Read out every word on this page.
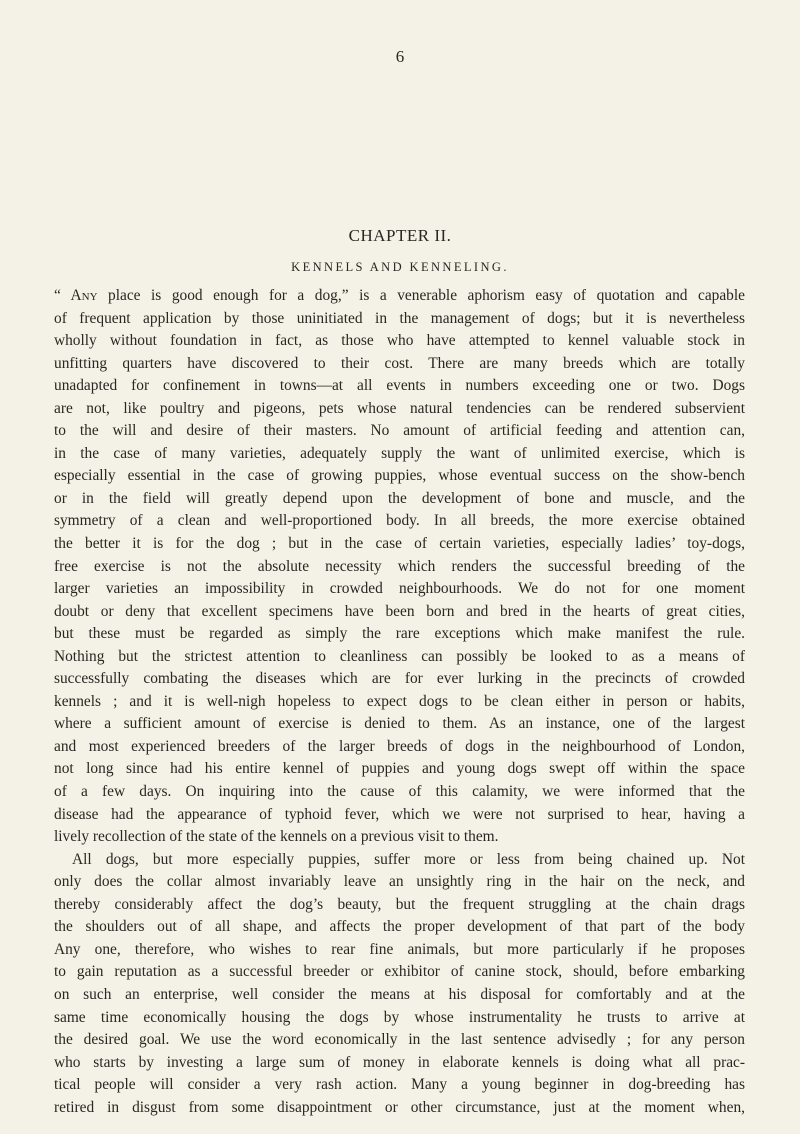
6
CHAPTER II.
KENNELS AND KENNELING.
“ Any place is good enough for a dog,” is a venerable aphorism easy of quotation and capable
of frequent application by those uninitiated in the management of dogs; but it is nevertheless
wholly without foundation in fact, as those who have attempted to kennel valuable stock in
unfitting quarters have discovered to their cost. There are many breeds which are totally
unadapted for confinement in towns—at all events in numbers exceeding one or two. Dogs
are not, like poultry and pigeons, pets whose natural tendencies can be rendered subservient
to the will and desire of their masters. No amount of artificial feeding and attention can,
in the case of many varieties, adequately supply the want of unlimited exercise, which is
especially essential in the case of growing puppies, whose eventual success on the show-bench
or in the field will greatly depend upon the development of bone and muscle, and the
symmetry of a clean and well-proportioned body. In all breeds, the more exercise obtained
the better it is for the dog ; but in the case of certain varieties, especially ladies’ toy-dogs,
free exercise is not the absolute necessity which renders the successful breeding of the
larger varieties an impossibility in crowded neighbourhoods. We do not for one moment
doubt or deny that excellent specimens have been born and bred in the hearts of great cities,
but these must be regarded as simply the rare exceptions which make manifest the rule.
Nothing but the strictest attention to cleanliness can possibly be looked to as a means of
successfully combating the diseases which are for ever lurking in the precincts of crowded
kennels ; and it is well-nigh hopeless to expect dogs to be clean either in person or habits,
where a sufficient amount of exercise is denied to them. As an instance, one of the largest
and most experienced breeders of the larger breeds of dogs in the neighbourhood of London,
not long since had his entire kennel of puppies and young dogs swept off within the space
of a few days. On inquiring into the cause of this calamity, we were informed that the
disease had the appearance of typhoid fever, which we were not surprised to hear, having a
lively recollection of the state of the kennels on a previous visit to them.
All dogs, but more especially puppies, suffer more or less from being chained up. Not
only does the collar almost invariably leave an unsightly ring in the hair on the neck, and
thereby considerably affect the dog’s beauty, but the frequent struggling at the chain drags
the shoulders out of all shape, and affects the proper development of that part of the body
Any one, therefore, who wishes to rear fine animals, but more particularly if he proposes
to gain reputation as a successful breeder or exhibitor of canine stock, should, before embarking
on such an enterprise, well consider the means at his disposal for comfortably and at the
same time economically housing the dogs by whose instrumentality he trusts to arrive at
the desired goal. We use the word economically in the last sentence advisedly ; for any person
who starts by investing a large sum of money in elaborate kennels is doing what all prac-
tical people will consider a very rash action. Many a young beginner in dog-breeding has
retired in disgust from some disappointment or other circumstance, just at the moment when,
